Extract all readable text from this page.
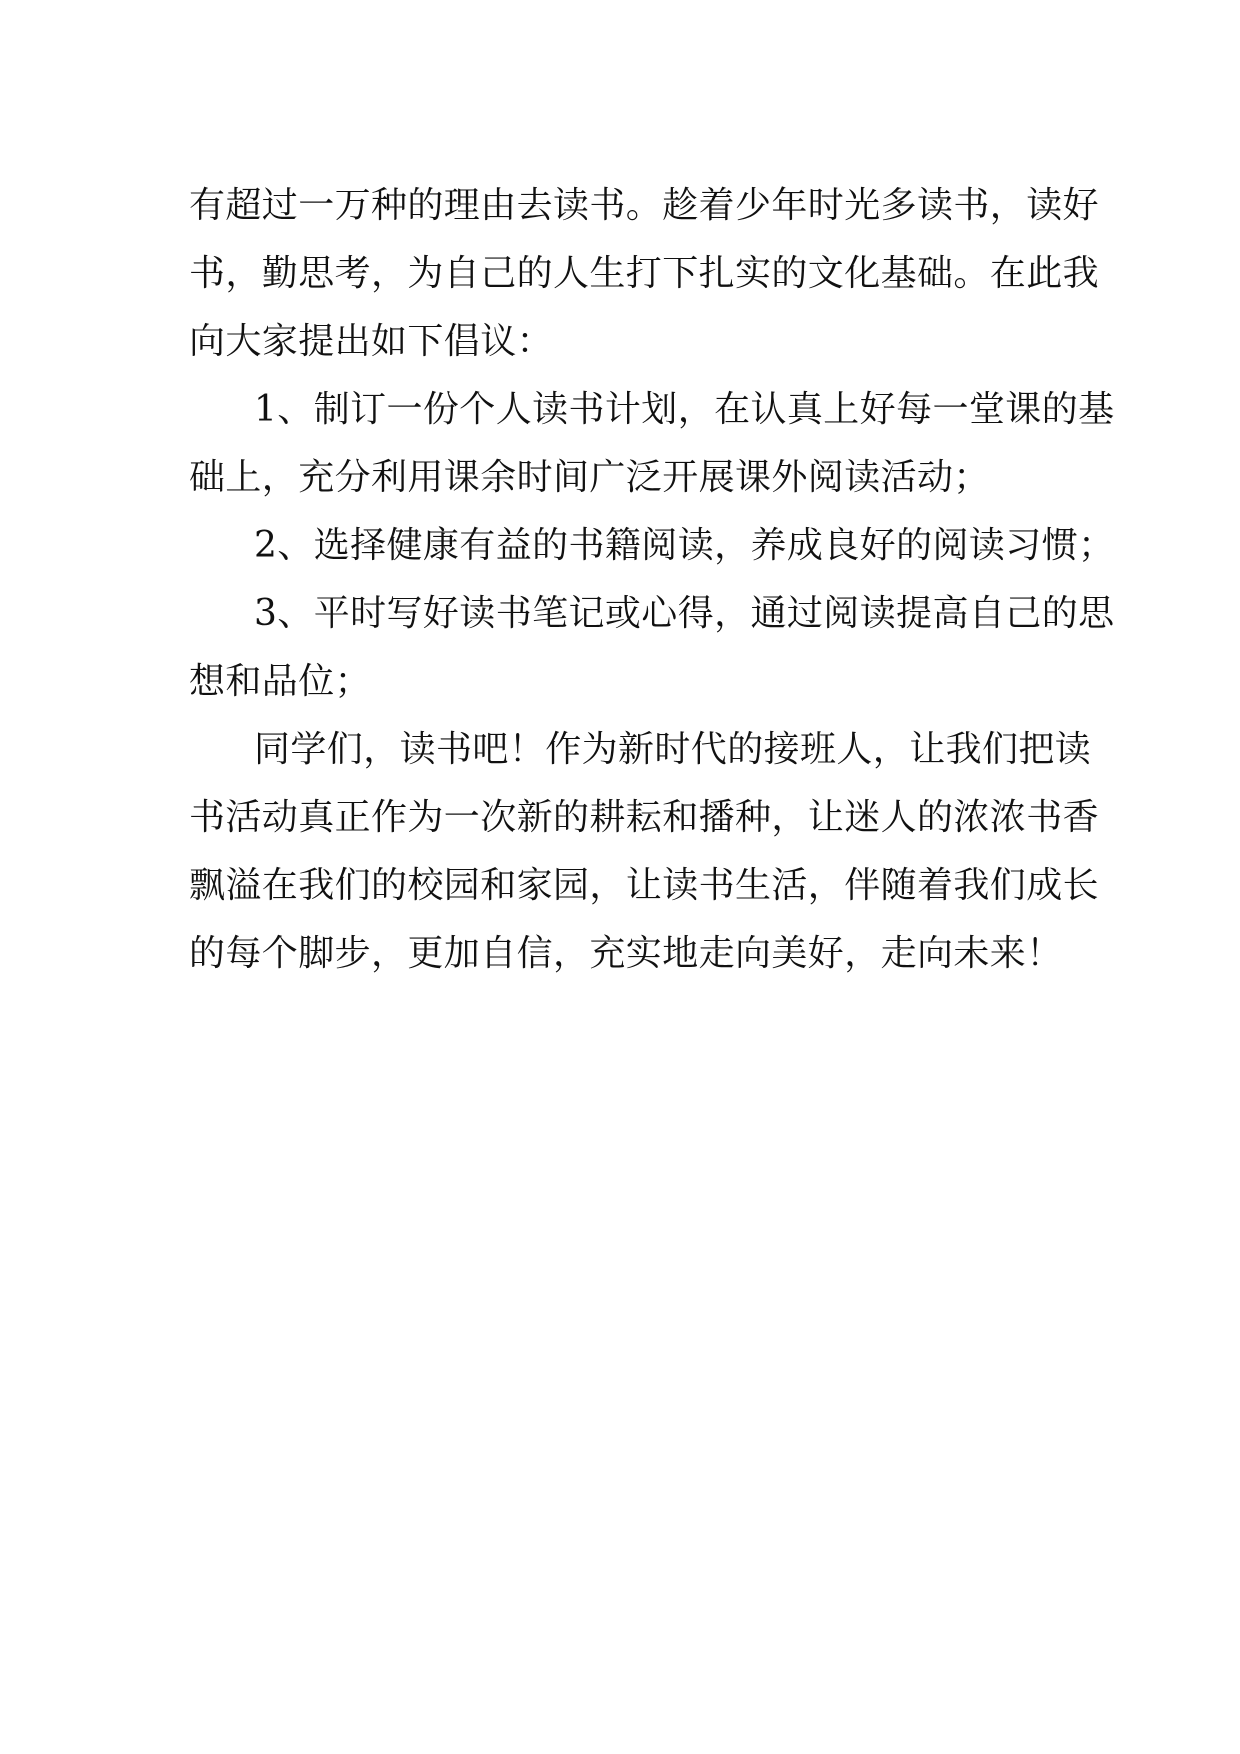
有超过一万种的理由去读书。趁着少年时光多读书，读好
书，勤思考，为自己的人生打下扎实的文化基础。在此我
向大家提出如下倡议：
1、制订一份个人读书计划，在认真上好每一堂课的基
础上，充分利用课余时间广泛开展课外阅读活动；
2、选择健康有益的书籍阅读，养成良好的阅读习惯；
3、平时写好读书笔记或心得，通过阅读提高自己的思
想和品位；
同学们，读书吧！作为新时代的接班人，让我们把读
书活动真正作为一次新的耕耘和播种，让迷人的浓浓书香
飘溢在我们的校园和家园，让读书生活，伴随着我们成长
的每个脚步，更加自信，充实地走向美好，走向未来！
